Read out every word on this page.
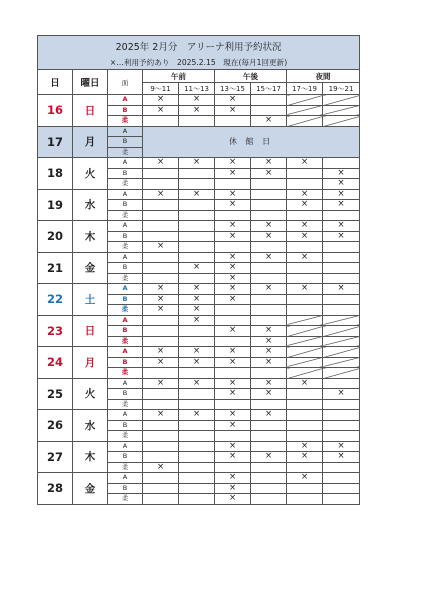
2025年 2月分　アリーナ利用予約状況								
×…利用予約あり　2025.2.15　現在(毎月1回更新)								
日	曜日	面	午前		午後		夜間	
			9～11	11～13	13～15	15～17	17～19	19～21
16	日	A	×	×	×			
		B	×	×	×			
		柔				×		
17	月	A	休 館 日					
		B						
		柔						
18	火	A	×	×	×	×	×	
		B			×	×		×
		柔						×
19	水	A	×	×	×		×	×
		B			×		×	×
		柔						
20	木	A			×	×	×	×
		B			×	×	×	×
		柔	×					
21	金	A			×	×	×	
		B		×	×			
		柔			×			
22	土	A	×	×	×	×	×	×
		B	×	×	×			
		柔	×	×				
23	日	A		×				
		B			×	×		
		柔				×		
24	月	A	×	×	×	×		
		B	×	×	×	×		
		柔						
25	火	A	×	×	×	×	×	
		B			×	×		×
		柔						
26	水	A	×	×	×	×		
		B			×			
		柔						
27	木	A			×		×	×
		B			×	×	×	×
		柔	×					
28	金	A			×		×	
		B			×			
		柔			×			
